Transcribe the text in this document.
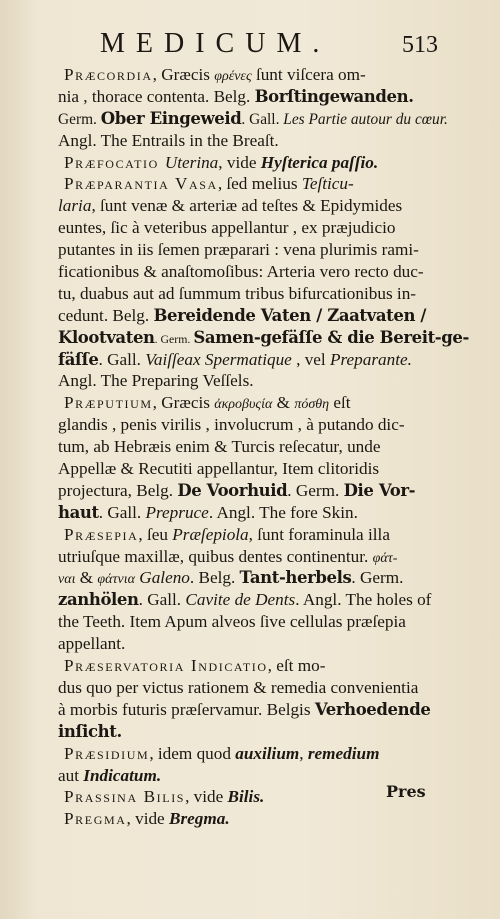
MEDICUM.	513
Præcordia, Græcis φρένες ſunt viſcera om-
nia , thorace contenta. Belg. Borſtingewanden.
Germ. Ober Eingeweid. Gall. Les Partie autour du cœur.
Angl. The Entrails in the Breaſt.
Præfocatio Uterina, vide Hyſterica paſſio.
Præparantia Vasa, ſed melius Teſticu-
laria, ſunt venæ & arteriæ ad teſtes & Epidymides
euntes, ſic à veteribus appellantur , ex præjudicio
putantes in iis ſemen præparari : vena plurimis rami-
ficationibus & anaſtomoſibus: Arteria vero recto duc-
tu, duabus aut ad ſummum tribus bifurcationibus in-
cedunt. Belg. Bereidende Vaten / Zaatvaten /
Klootvaten. Germ. Samen-gefäſſe & die Bereit-ge-
fäſſe. Gall. Vaiſſeax Spermatique , vel Preparante.
Angl. The Preparing Veſſels.
Præputium, Græcis ἀκροβυςία & πόσθη eſt
glandis , penis virilis , involucrum , à putando dic-
tum, ab Hebræis enim & Turcis reſecatur, unde
Appellæ & Recutiti appellantur, Item clitoridis
projectura, Belg. De Voorhuid. Germ. Die Vor-
haut. Gall. Prepruce. Angl. The fore Skin.
Præsepia, ſeu Præſepiola, ſunt foraminula illa
utriuſque maxillæ, quibus dentes continentur. φάτ-
ναι & φάτνια Galeno. Belg. Tant-herbels. Germ.
zanhölen. Gall. Cavite de Dents. Angl. The holes of
the Teeth. Item Apum alveos ſive cellulas præſepia
appellant.
Præservatoria Indicatio, eſt mo-
dus quo per victus rationem & remedia convenientia
à morbis futuris præſervamur. Belgis Verhoedende
inſicht.
Præsidium, idem quod auxilium, remedium
aut Indicatum.
Prassina Bilis, vide Bilis.
Pregma, vide Bregma.
Pres
